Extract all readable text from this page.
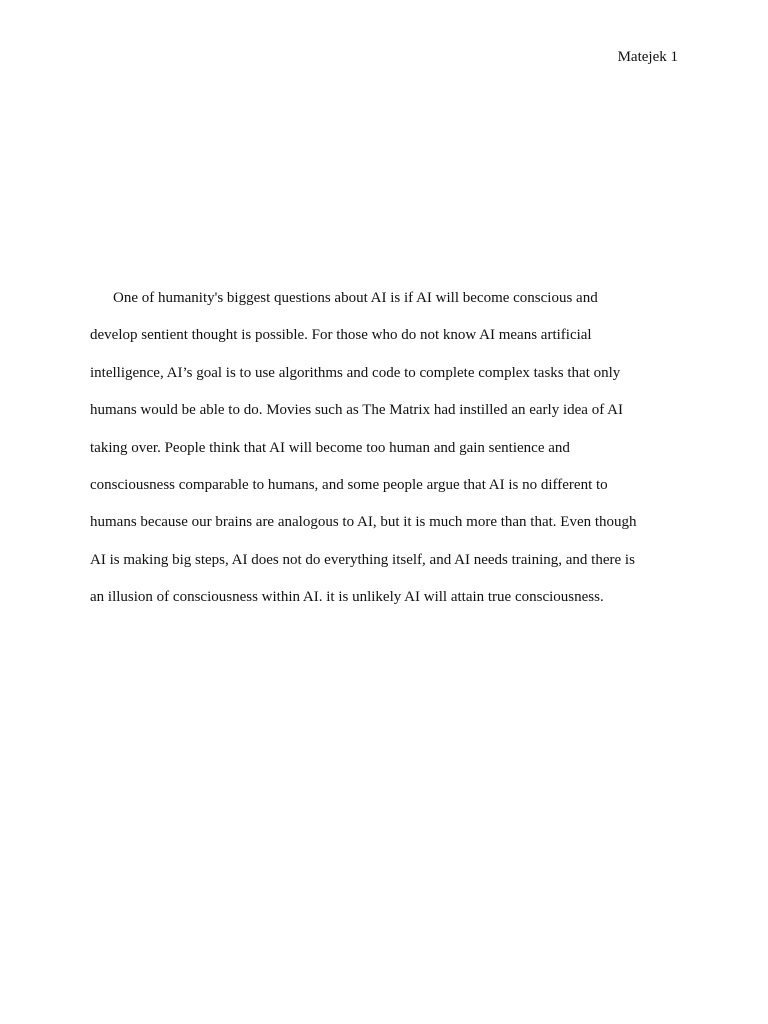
Matejek 1
One of humanity's biggest questions about AI is if AI will become conscious and
develop sentient thought is possible. For those who do not know AI means artificial
intelligence, AI’s goal is to use algorithms and code to complete complex tasks that only
humans would be able to do. Movies such as The Matrix had instilled an early idea of AI
taking over. People think that AI will become too human and gain sentience and
consciousness comparable to humans, and some people argue that AI is no different to
humans because our brains are analogous to AI, but it is much more than that. Even though
AI is making big steps, AI does not do everything itself, and AI needs training, and there is
an illusion of consciousness within AI. it is unlikely AI will attain true consciousness.
